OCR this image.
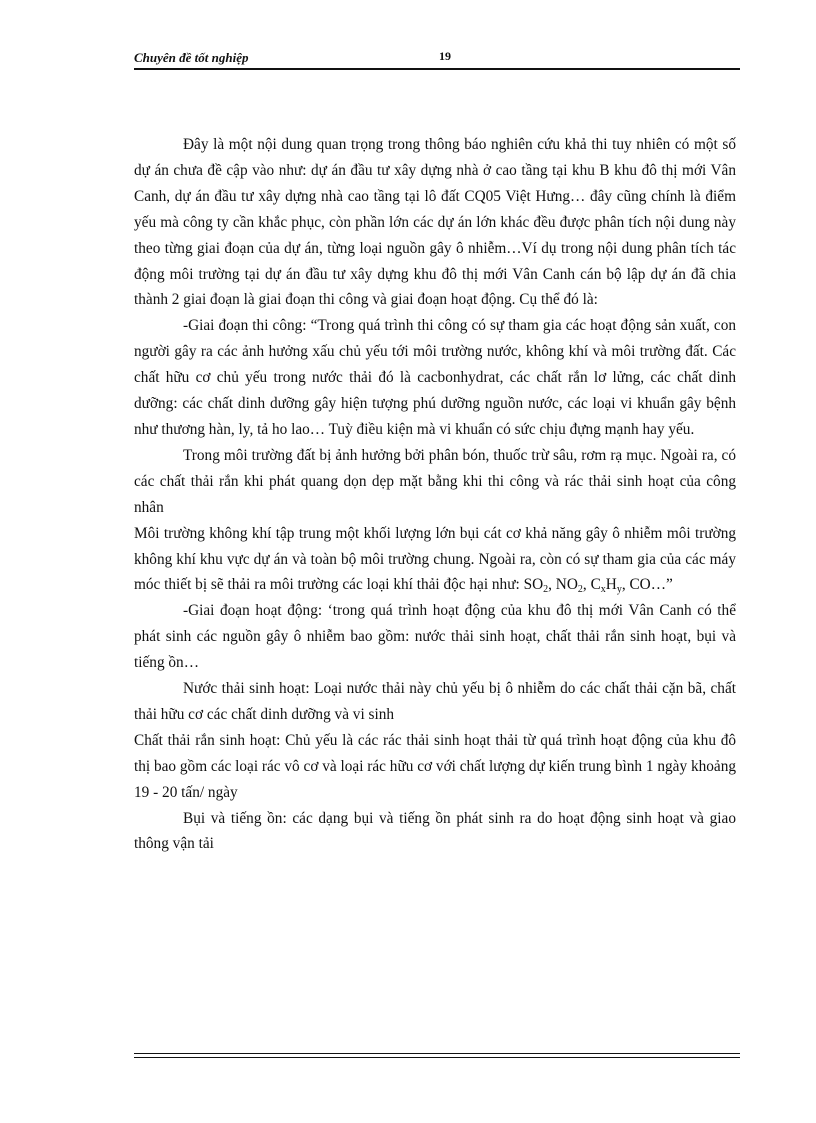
Chuyên đề tốt nghiệp	19

Đây là một nội dung quan trọng trong thông báo nghiên cứu khả thi tuy nhiên có một số dự án chưa đề cập vào như: dự án đầu tư xây dựng nhà ở cao tầng tại khu B khu đô thị mới Vân Canh, dự án đầu tư xây dựng nhà cao tầng tại lô đất CQ05 Việt Hưng… đây cũng chính là điểm yếu mà công ty cần khắc phục, còn phần lớn các dự án lớn khác đều được phân tích nội dung này theo từng giai đoạn của dự án, từng loại nguồn gây ô nhiễm…Ví dụ trong nội dung phân tích tác động môi trường tại dự án đầu tư xây dựng khu đô thị mới Vân Canh cán bộ lập dự án đã chia thành 2 giai đoạn là giai đoạn thi công và giai đoạn hoạt động. Cụ thể đó là:

-Giai đoạn thi công: “Trong quá trình thi công có sự tham gia các hoạt động sản xuất, con người gây ra các ảnh hưởng xấu chủ yếu tới môi trường nước, không khí và môi trường đất. Các chất hữu cơ chủ yếu trong nước thải đó là cacbonhydrat, các chất rắn lơ lửng, các chất dinh dưỡng: các chất dinh dưỡng gây hiện tượng phú dưỡng nguồn nước, các loại vi khuẩn gây bệnh như thương hàn, ly, tả ho lao… Tuỳ điều kiện mà vi khuẩn có sức chịu đựng mạnh hay yếu.

Trong môi trường đất bị ảnh hưởng bởi phân bón, thuốc trừ sâu, rơm rạ mục. Ngoài ra, có các chất thải rắn khi phát quang dọn dẹp mặt bằng khi thi công và rác thải sinh hoạt của công nhân

Môi trường không khí tập trung một khối lượng lớn bụi cát cơ khả năng gây ô nhiễm môi trường không khí khu vực dự án và toàn bộ môi trường chung. Ngoài ra, còn có sự tham gia của các máy móc thiết bị sẽ thải ra môi trường các loại khí thải độc hại như: $SO_2$, $NO_2$, $C_xH_y$, CO…”

-Giai đoạn hoạt động: ‘trong quá trình hoạt động của khu đô thị mới Vân Canh có thể phát sinh các nguồn gây ô nhiễm bao gồm: nước thải sinh hoạt, chất thải rắn sinh hoạt, bụi và tiếng ồn…

Nước thải sinh hoạt: Loại nước thải này chủ yếu bị ô nhiễm do các chất thải cặn bã, chất thải hữu cơ các chất dinh dưỡng và vi sinh

Chất thải rắn sinh hoạt: Chủ yếu là các rác thải sinh hoạt thải từ quá trình hoạt động của khu đô thị bao gồm các loại rác vô cơ và loại rác hữu cơ với chất lượng dự kiến trung bình 1 ngày khoảng 19 - 20 tấn/ ngày

Bụi và tiếng ồn: các dạng bụi và tiếng ồn phát sinh ra do hoạt động sinh hoạt và giao thông vận tải
